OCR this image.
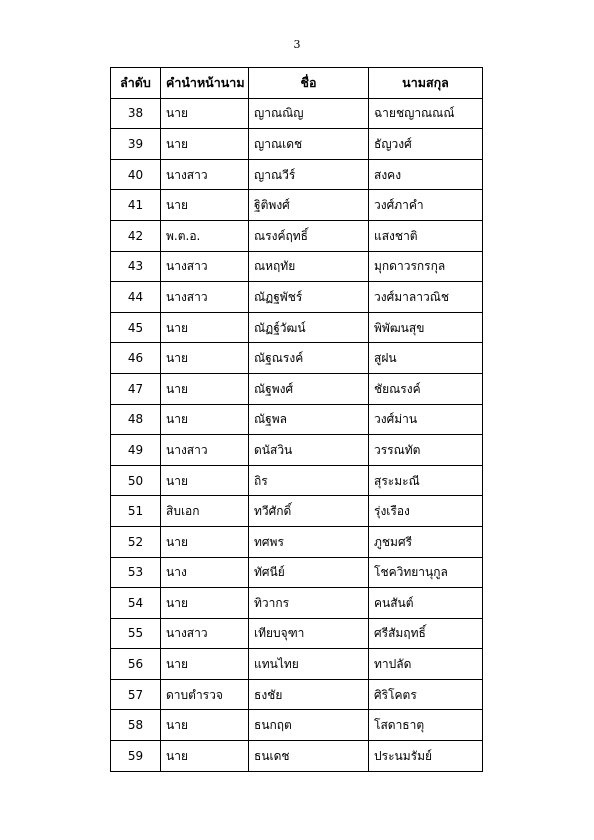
3
ลำดับ	คำนำหน้านาม	ชื่อ	นามสกุล
38	นาย	ญาณณิญ	ฉายชญาณณณ์
39	นาย	ญาณเดช	ธัญวงศ์
40	นางสาว	ญาณวีร์	สงคง
41	นาย	ฐิติพงศ์	วงศ์ภาคำ
42	พ.ต.อ.	ณรงค์ฤทธิ์	แสงชาติ
43	นางสาว	ณหฤทัย	มุกดาวรกรกุล
44	นางสาว	ณัฏฐพัชร์	วงศ์มาลาวณิช
45	นาย	ณัฏฐ์วัฒน์	พิพัฒนสุข
46	นาย	ณัฐณรงค์	สูฝน
47	นาย	ณัฐพงศ์	ชัยณรงค์
48	นาย	ณัฐพล	วงศ์ม่าน
49	นางสาว	ดนัสวิน	วรรณทัต
50	นาย	ถิร	สุระมะณี
51	สิบเอก	ทวีศักดิ์	รุ่งเรือง
52	นาย	ทศพร	ภูชมศรี
53	นาง	ทัศนีย์	โชควิทยานุกูล
54	นาย	ทิวากร	คนสันต์
55	นางสาว	เทียบจุฑา	ศรีสัมฤทธิ์
56	นาย	แทนไทย	ทาปลัด
57	ดาบตำรวจ	ธงชัย	ศิริโคตร
58	นาย	ธนกฤต	โสดาธาตุ
59	นาย	ธนเดช	ประนมรัมย์
